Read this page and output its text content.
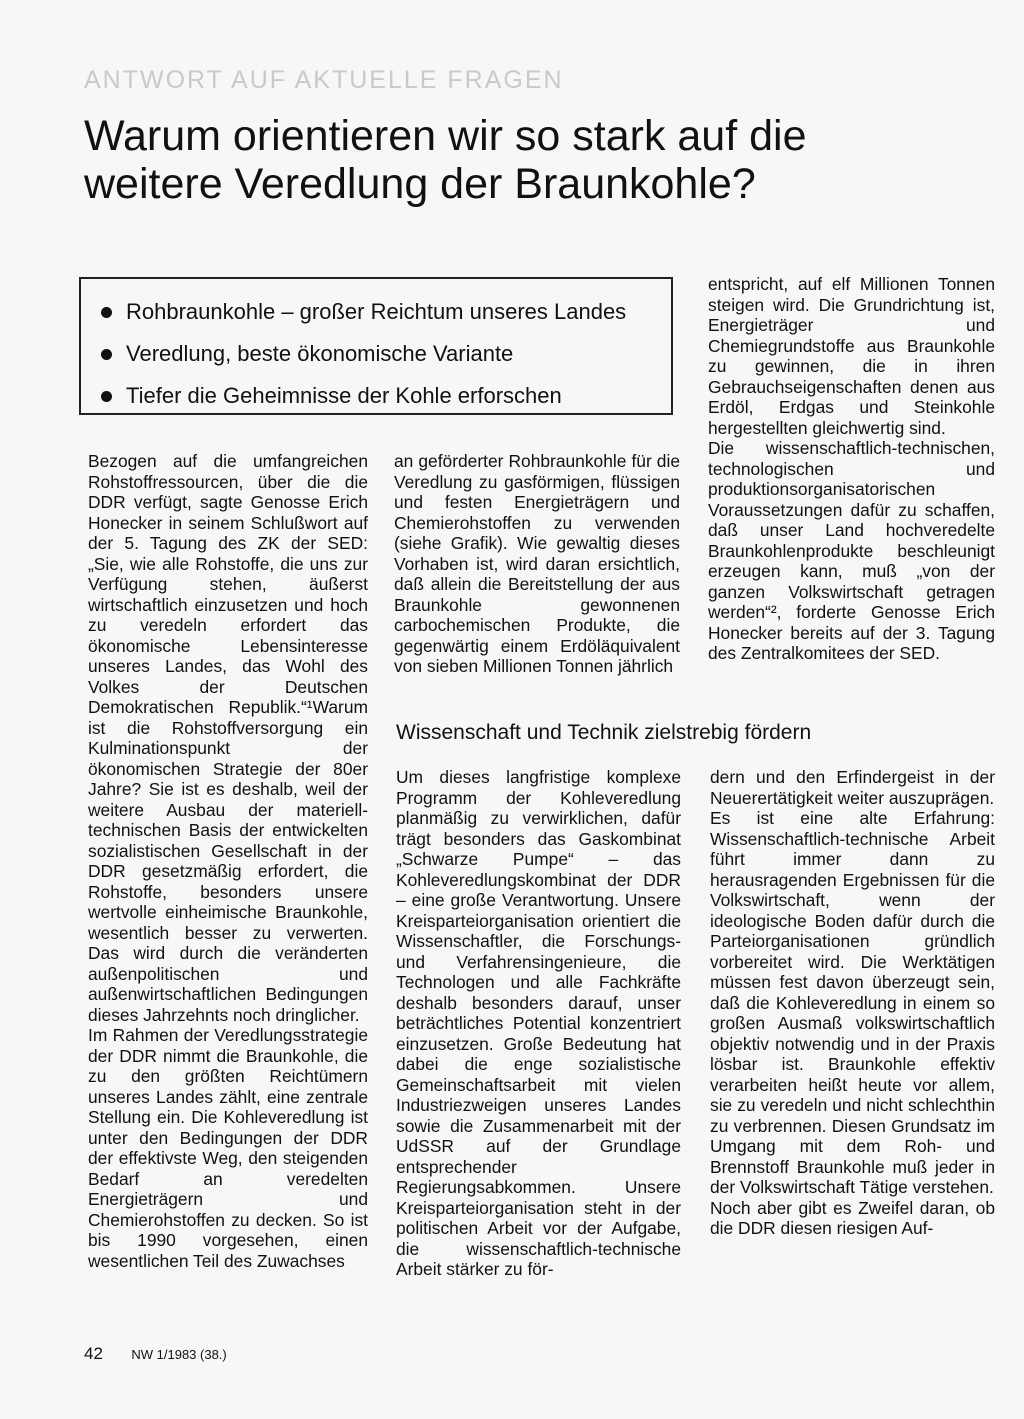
ANTWORT AUF AKTUELLE FRAGEN
Warum orientieren wir so stark auf die
weitere Veredlung der Braunkohle?
Rohbraunkohle – großer Reichtum unseres Landes
Veredlung, beste ökonomische Variante
Tiefer die Geheimnisse der Kohle erforschen

Bezogen auf die umfangreichen Rohstoffressourcen, über die die DDR verfügt, sagte Genosse Erich Honecker in seinem Schlußwort auf der 5. Tagung des ZK der SED: „Sie, wie alle Rohstoffe, die uns zur Verfügung stehen, äußerst wirtschaftlich einzusetzen und hoch zu veredeln erfordert das ökonomische Lebensinteresse unseres Landes, das Wohl des Volkes der Deutschen Demokratischen Republik.“¹Warum ist die Rohstoffversorgung ein Kulminationspunkt der ökonomischen Strategie der 80er Jahre? Sie ist es deshalb, weil der weitere Ausbau der materiell-technischen Basis der entwickelten sozialistischen Gesellschaft in der DDR gesetzmäßig erfordert, die Rohstoffe, besonders unsere wertvolle einheimische Braunkohle, wesentlich besser zu verwerten. Das wird durch die veränderten außenpolitischen und außenwirtschaftlichen Bedingungen dieses Jahrzehnts noch dringlicher.

Im Rahmen der Veredlungsstrategie der DDR nimmt die Braunkohle, die zu den größten Reichtümern unseres Landes zählt, eine zentrale Stellung ein. Die Kohleveredlung ist unter den Bedingungen der DDR der effektivste Weg, den steigenden Bedarf an veredelten Energieträgern und Chemierohstoffen zu decken. So ist bis 1990 vorgesehen, einen wesentlichen Teil des Zuwachses

an geförderter Rohbraunkohle für die Veredlung zu gasförmigen, flüssigen und festen Energieträgern und Chemierohstoffen zu verwenden (siehe Grafik). Wie gewaltig dieses Vorhaben ist, wird daran ersichtlich, daß allein die Bereitstellung der aus Braunkohle gewonnenen carbochemischen Produkte, die gegenwärtig einem Erdöläquivalent von sieben Millionen Tonnen jährlich

entspricht, auf elf Millionen Tonnen steigen wird. Die Grundrichtung ist, Energieträger und Chemiegrundstoffe aus Braunkohle zu gewinnen, die in ihren Gebrauchseigenschaften denen aus Erdöl, Erdgas und Steinkohle hergestellten gleichwertig sind.

Die wissenschaftlich-technischen, technologischen und produktionsorganisatorischen Voraussetzungen dafür zu schaffen, daß unser Land hochveredelte Braunkohlenprodukte beschleunigt erzeugen kann, muß „von der ganzen Volkswirtschaft getragen werden“², forderte Genosse Erich Honecker bereits auf der 3. Tagung des Zentralkomitees der SED.

Wissenschaft und Technik zielstrebig fördern

Um dieses langfristige komplexe Programm der Kohleveredlung planmäßig zu verwirklichen, dafür trägt besonders das Gaskombinat „Schwarze Pumpe“ – das Kohleveredlungskombinat der DDR – eine große Verantwortung. Unsere Kreisparteiorganisation orientiert die Wissenschaftler, die Forschungs- und Verfahrensingenieure, die Technologen und alle Fachkräfte deshalb besonders darauf, unser beträchtliches Potential konzentriert einzusetzen. Große Bedeutung hat dabei die enge sozialistische Gemeinschaftsarbeit mit vielen Industriezweigen unseres Landes sowie die Zusammenarbeit mit der UdSSR auf der Grundlage entsprechender Regierungsabkommen. Unsere Kreisparteiorganisation steht in der politischen Arbeit vor der Aufgabe, die wissenschaftlich-technische Arbeit stärker zu för-

dern und den Erfindergeist in der Neuerertätigkeit weiter auszuprägen.

Es ist eine alte Erfahrung: Wissenschaftlich-technische Arbeit führt immer dann zu herausragenden Ergebnissen für die Volkswirtschaft, wenn der ideologische Boden dafür durch die Parteiorganisationen gründlich vorbereitet wird. Die Werktätigen müssen fest davon überzeugt sein, daß die Kohleveredlung in einem so großen Ausmaß volkswirtschaftlich objektiv notwendig und in der Praxis lösbar ist. Braunkohle effektiv verarbeiten heißt heute vor allem, sie zu veredeln und nicht schlechthin zu verbrennen. Diesen Grundsatz im Umgang mit dem Roh- und Brennstoff Braunkohle muß jeder in der Volkswirtschaft Tätige verstehen.

Noch aber gibt es Zweifel daran, ob die DDR diesen riesigen Auf-

42 NW 1/1983 (38.)
